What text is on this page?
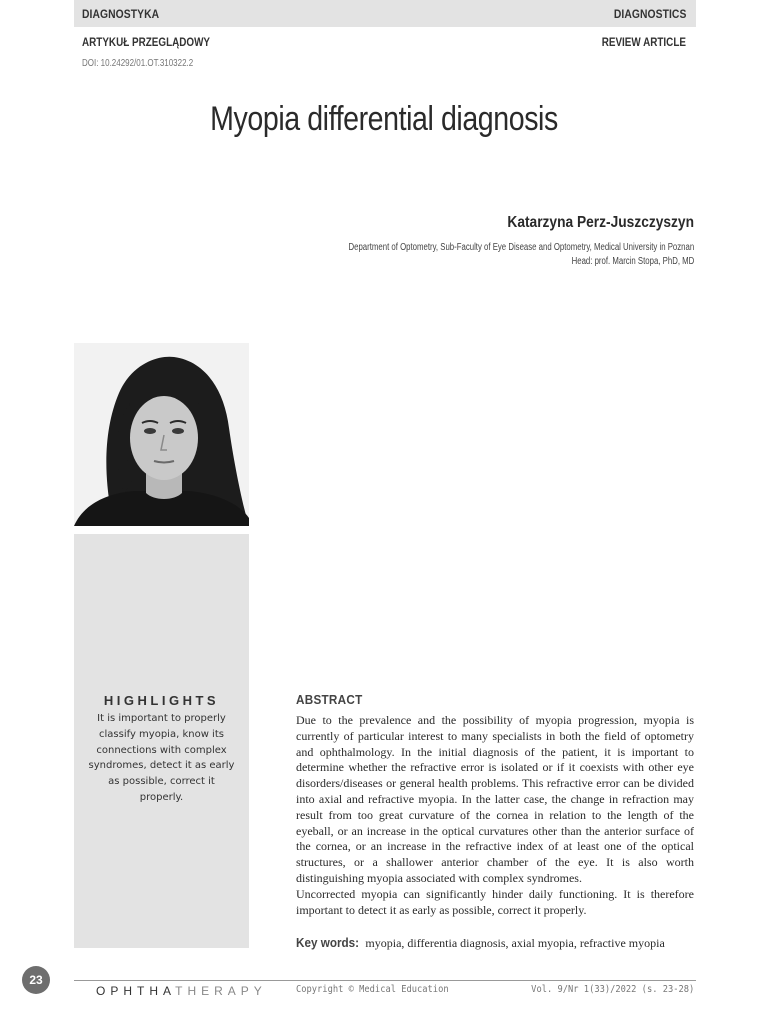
DIAGNOSTYKA	DIAGNOSTICS
ARTYKUŁ PRZEGLĄDOWY	REVIEW ARTICLE
DOI: 10.24292/01.OT.310322.2
Myopia differential diagnosis
Katarzyna Perz-Juszczyszyn
Department of Optometry, Sub-Faculty of Eye Disease and Optometry, Medical University in Poznan
Head: prof. Marcin Stopa, PhD, MD
HIGHLIGHTS
It is important to properly classify myopia, know its connections with complex syndromes, detect it as early as possible, correct it properly.
ABSTRACT

Due to the prevalence and the possibility of myopia progression, myopia is currently of particular interest to many specialists in both the field of optometry and ophthalmology. In the initial diagnosis of the patient, it is important to determine whether the refractive error is isolated or if it coexists with other eye disorders/diseases or general health problems. This refractive error can be divided into axial and refractive myopia. In the latter case, the change in refraction may result from too great curvature of the cornea in relation to the length of the eyeball, or an increase in the optical curvatures other than the anterior surface of the cornea, or an increase in the refractive index of at least one of the optical structures, or a shallower anterior chamber of the eye. It is also worth distinguishing myopia associated with complex syndromes.

Uncorrected myopia can significantly hinder daily functioning. It is therefore important to detect it as early as possible, correct it properly.

Key words: myopia, differentia diagnosis, axial myopia, refractive myopia
23
OPHTHATHERAPY	Copyright © Medical Education	Vol. 9/Nr 1(33)/2022 (s. 23-28)
